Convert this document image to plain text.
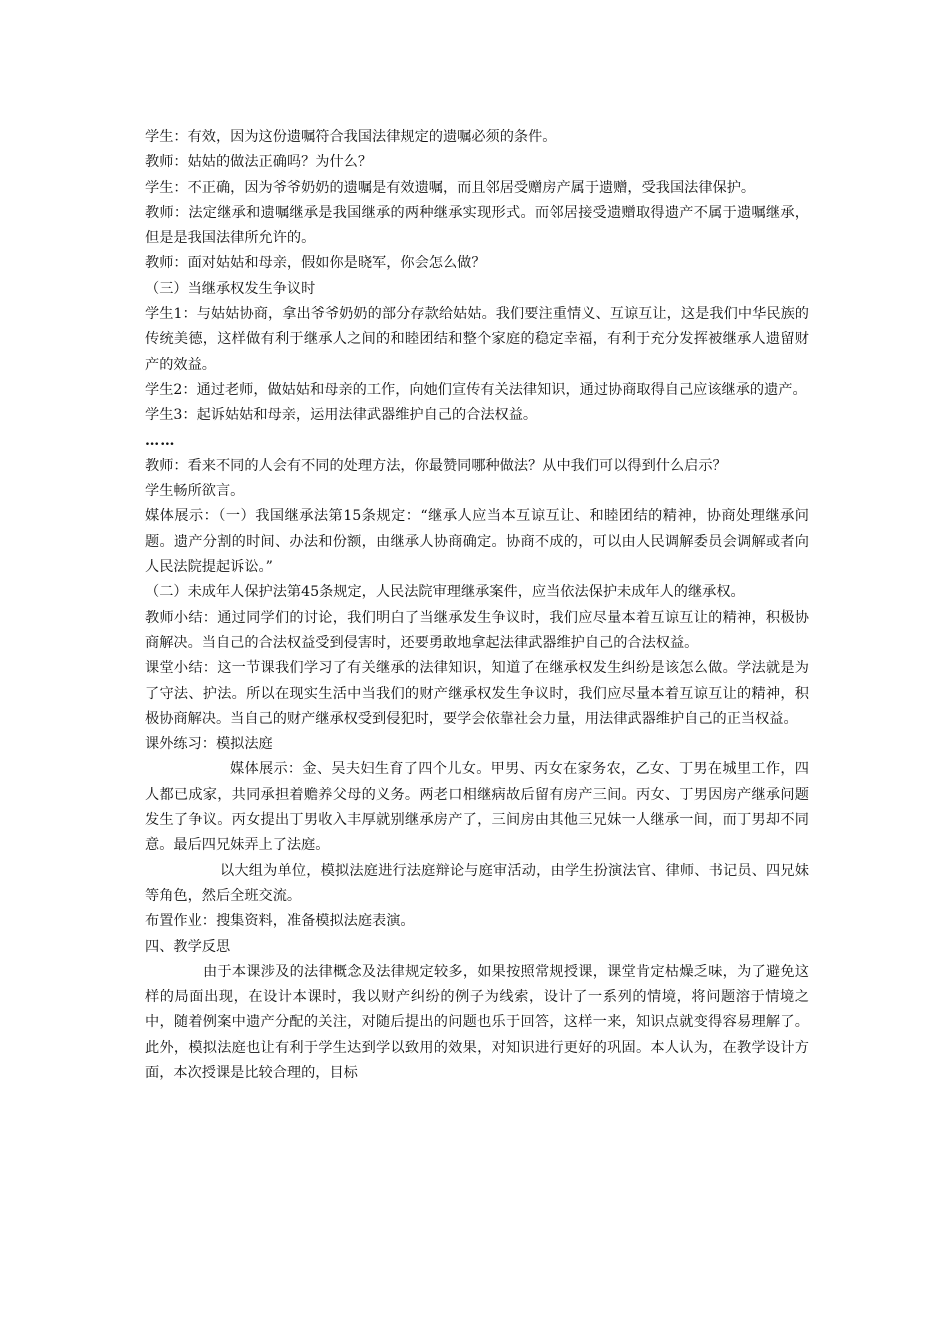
学生：有效，因为这份遗嘱符合我国法律规定的遗嘱必须的条件。

教师：姑姑的做法正确吗？为什么？

学生：不正确，因为爷爷奶奶的遗嘱是有效遗嘱，而且邻居受赠房产属于遗赠，受我国法律保护。

教师：法定继承和遗嘱继承是我国继承的两种继承实现形式。而邻居接受遗赠取得遗产不属于遗嘱继承，但是是我国法律所允许的。

教师：面对姑姑和母亲，假如你是晓军，你会怎么做？

（三）当继承权发生争议时

学生1：与姑姑协商，拿出爷爷奶奶的部分存款给姑姑。我们要注重情义、互谅互让，这是我们中华民族的传统美德，这样做有利于继承人之间的和睦团结和整个家庭的稳定幸福，有利于充分发挥被继承人遗留财产的效益。

学生2：通过老师，做姑姑和母亲的工作，向她们宣传有关法律知识，通过协商取得自己应该继承的遗产。

学生3：起诉姑姑和母亲，运用法律武器维护自己的合法权益。

……

教师：看来不同的人会有不同的处理方法，你最赞同哪种做法？从中我们可以得到什么启示？

学生畅所欲言。

媒体展示：（一）我国继承法第15条规定：“继承人应当本互谅互让、和睦团结的精神，协商处理继承问题。遗产分割的时间、办法和份额，由继承人协商确定。协商不成的，可以由人民调解委员会调解或者向人民法院提起诉讼。”

（二）未成年人保护法第45条规定，人民法院审理继承案件，应当依法保护未成年人的继承权。

教师小结：通过同学们的讨论，我们明白了当继承发生争议时，我们应尽量本着互谅互让的精神，积极协商解决。当自己的合法权益受到侵害时，还要勇敢地拿起法律武器维护自己的合法权益。

课堂小结：这一节课我们学习了有关继承的法律知识，知道了在继承权发生纠纷是该怎么做。学法就是为了守法、护法。所以在现实生活中当我们的财产继承权发生争议时，我们应尽量本着互谅互让的精神，积极协商解决。当自己的财产继承权受到侵犯时，要学会依靠社会力量，用法律武器维护自己的正当权益。

课外练习：模拟法庭

媒体展示：金、吴夫妇生育了四个儿女。甲男、丙女在家务农，乙女、丁男在城里工作，四人都已成家，共同承担着赡养父母的义务。两老口相继病故后留有房产三间。丙女、丁男因房产继承问题发生了争议。丙女提出丁男收入丰厚就别继承房产了，三间房由其他三兄妹一人继承一间，而丁男却不同意。最后四兄妹弄上了法庭。

以大组为单位，模拟法庭进行法庭辩论与庭审活动，由学生扮演法官、律师、书记员、四兄妹等角色，然后全班交流。

布置作业：搜集资料，准备模拟法庭表演。

四、教学反思

由于本课涉及的法律概念及法律规定较多，如果按照常规授课，课堂肯定枯燥乏味，为了避免这样的局面出现，在设计本课时，我以财产纠纷的例子为线索，设计了一系列的情境，将问题溶于情境之中，随着例案中遗产分配的关注，对随后提出的问题也乐于回答，这样一来，知识点就变得容易理解了。此外，模拟法庭也让有利于学生达到学以致用的效果，对知识进行更好的巩固。本人认为，在教学设计方面，本次授课是比较合理的，目标
